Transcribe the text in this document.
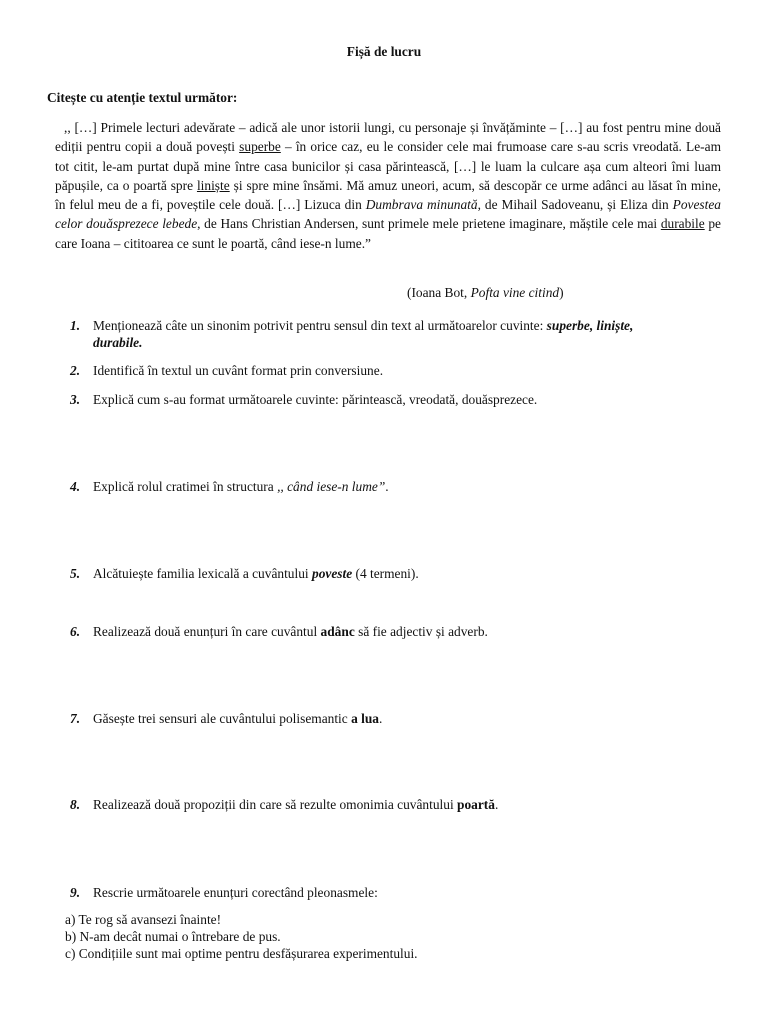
Fișă de lucru
Citește cu atenție textul următor:

,, […] Primele lecturi adevărate – adică ale unor istorii lungi, cu personaje și învățăminte – […] au fost pentru mine două ediții pentru copii a două povești superbe – în orice caz, eu le consider cele mai frumoase care s-au scris vreodată. Le-am tot citit, le-am purtat după mine între casa bunicilor și casa părintească, […] le luam la culcare așa cum alteori îmi luam păpușile, ca o poartă spre liniște și spre mine însămi. Mă amuz uneori, acum, să descopăr ce urme adânci au lăsat în mine, în felul meu de a fi, poveștile cele două. […] Lizuca din Dumbrava minunată, de Mihail Sadoveanu, și Eliza din Povestea celor douăsprezece lebede, de Hans Christian Andersen, sunt primele mele prietene imaginare, măștile cele mai durabile pe care Ioana – cititoarea ce sunt le poartă, când iese-n lume.”

(Ioana Bot, Pofta vine citind)
1. Menționează câte un sinonim potrivit pentru sensul din text al următoarelor cuvinte: superbe, liniște,
durabile.
2. Identifică în textul un cuvânt format prin conversiune.
3. Explică cum s-au format următoarele cuvinte: părintească, vreodată, douăsprezece.
4. Explică rolul cratimei în structura ,, când iese-n lume”.
5. Alcătuiește familia lexicală a cuvântului poveste (4 termeni).
6. Realizează două enunțuri în care cuvântul adânc să fie adjectiv și adverb.
7. Găsește trei sensuri ale cuvântului polisemantic a lua.
8. Realizează două propoziții din care să rezulte omonimia cuvântului poartă.
9. Rescrie următoarele enunțuri corectând pleonasmele:
a) Te rog să avansezi înainte!
b) N-am decât numai o întrebare de pus.
c) Condițiile sunt mai optime pentru desfășurarea experimentului.
